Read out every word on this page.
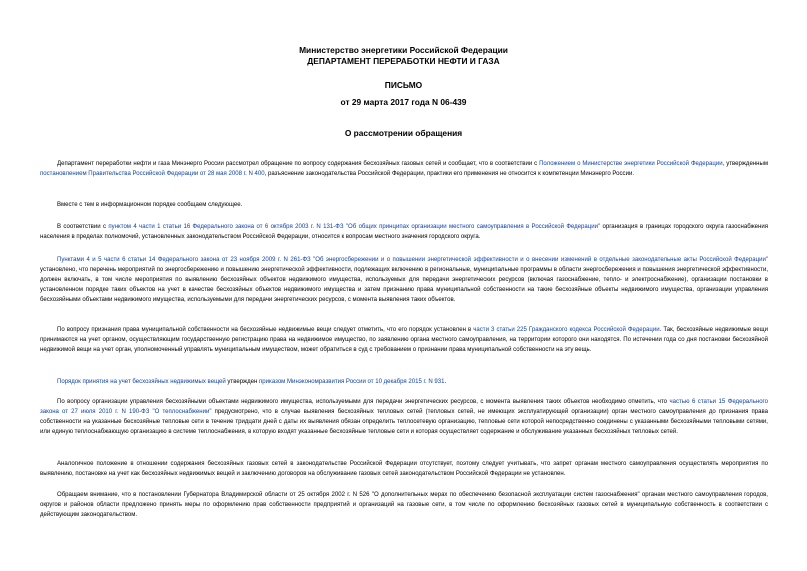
Министерство энергетики Российской Федерации
ДЕПАРТАМЕНТ ПЕРЕРАБОТКИ НЕФТИ И ГАЗА
ПИСЬМО
от 29 марта 2017 года N 06-439
О рассмотрении обращения
Департамент переработки нефти и газа Минэнерго России рассмотрел обращение по вопросу содержания бесхозяйных газовых сетей и сообщает, что в соответствии с Положением о Министерстве энергетики Российской Федерации, утвержденным постановлением Правительства Российской Федерации от 28 мая 2008 г. N 400, разъяснение законодательства Российской Федерации, практики его применения не относится к компетенции Минэнерго России.
Вместе с тем в информационном порядке сообщаем следующее.
В соответствии с пунктом 4 части 1 статьи 16 Федерального закона от 6 октября 2003 г. N 131-ФЗ "Об общих принципах организации местного самоуправления в Российской Федерации" организация в границах городского округа газоснабжения населения в пределах полномочий, установленных законодательством Российской Федерации, относится к вопросам местного значения городского округа.
Пунктами 4 и 5 части 6 статьи 14 Федерального закона от 23 ноября 2009 г. N 261-ФЗ "Об энергосбережении и о повышении энергетической эффективности и о внесении изменений в отдельные законодательные акты Российской Федерации" установлено, что перечень мероприятий по энергосбережению и повышению энергетической эффективности, подлежащих включению в региональные, муниципальные программы в области энергосбережения и повышения энергетической эффективности, должен включать, в том числе мероприятия по выявлению бесхозяйных объектов недвижимого имущества, используемых для передачи энергетических ресурсов (включая газоснабжение, тепло- и электроснабжение), организации постановки в установленном порядке таких объектов на учет в качестве бесхозяйных объектов недвижимого имущества и затем признанию права муниципальной собственности на такие бесхозяйные объекты недвижимого имущества, организации управления бесхозяйными объектами недвижимого имущества, используемыми для передачи энергетических ресурсов, с момента выявления таких объектов.
По вопросу признания права муниципальной собственности на бесхозяйные недвижимые вещи следует отметить, что его порядок установлен в части 3 статьи 225 Гражданского кодекса Российской Федерации. Так, бесхозяйные недвижимые вещи принимаются на учет органом, осуществляющим государственную регистрацию права на недвижимое имущество, по заявлению органа местного самоуправления, на территории которого они находятся. По истечении года со дня постановки бесхозяйной недвижимой вещи на учет орган, уполномоченный управлять муниципальным имуществом, может обратиться в суд с требованием о признании права муниципальной собственности на эту вещь.
Порядок принятия на учет бесхозяйных недвижимых вещей утвержден приказом Минэкономразвития России от 10 декабря 2015 г. N 931.
По вопросу организации управления бесхозяйными объектами недвижимого имущества, используемыми для передачи энергетических ресурсов, с момента выявления таких объектов необходимо отметить, что частью 6 статьи 15 Федерального закона от 27 июля 2010 г. N 190-ФЗ "О теплоснабжении" предусмотрено, что в случае выявления бесхозяйных тепловых сетей (тепловых сетей, не имеющих эксплуатирующей организации) орган местного самоуправления до признания права собственности на указанные бесхозяйные тепловые сети в течение тридцати дней с даты их выявления обязан определить теплосетевую организацию, тепловые сети которой непосредственно соединены с указанными бесхозяйными тепловыми сетями, или единую теплоснабжающую организацию в системе теплоснабжения, в которую входят указанные бесхозяйные тепловые сети и которая осуществляет содержание и обслуживание указанных бесхозяйных тепловых сетей.
Аналогичное положение в отношении содержания бесхозяйных газовых сетей в законодательстве Российской Федерации отсутствует, поэтому следует учитывать, что запрет органам местного самоуправления осуществлять мероприятия по выявлению, постановке на учет как бесхозяйных недвижимых вещей и заключению договоров на обслуживание газовых сетей законодательством Российской Федерации не установлен.
Обращаем внимание, что в постановлении Губернатора Владимирской области от 25 октября 2002 г. N 526 "О дополнительных мерах по обеспечению безопасной эксплуатации систем газоснабжения" органам местного самоуправления городов, округов и районов области предложено принять меры по оформлению прав собственности предприятий и организаций на газовые сети, в том числе по оформлению бесхозяйных газовых сетей в муниципальную собственность в соответствии с действующим законодательством.
